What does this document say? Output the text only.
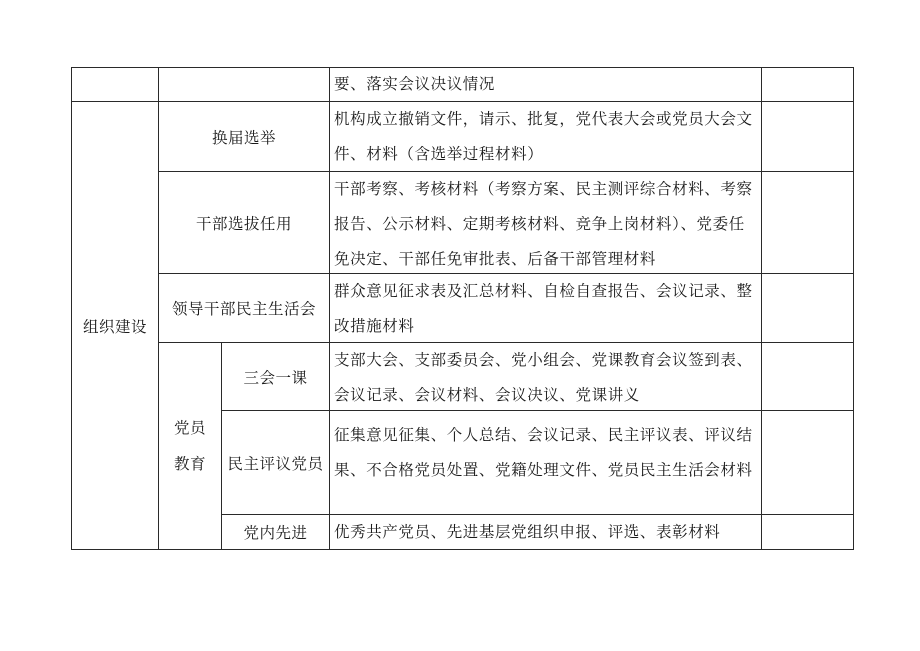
要、落实会议决议情况
组织建设
换届选举
机构成立撤销文件，请示、批复，党代表大会或党员大会文
件、材料（含选举过程材料）
干部选拔任用
干部考察、考核材料（考察方案、民主测评综合材料、考察
报告、公示材料、定期考核材料、竞争上岗材料）、党委任
免决定、干部任免审批表、后备干部管理材料
领导干部民主生活会
群众意见征求表及汇总材料、自检自查报告、会议记录、整
改措施材料
党员
教育
三会一课
支部大会、支部委员会、党小组会、党课教育会议签到表、
会议记录、会议材料、会议决议、党课讲义
民主评议党员
征集意见征集、个人总结、会议记录、民主评议表、评议结
果、不合格党员处置、党籍处理文件、党员民主生活会材料
党内先进 优秀共产党员、先进基层党组织申报、评选、表彰材料
